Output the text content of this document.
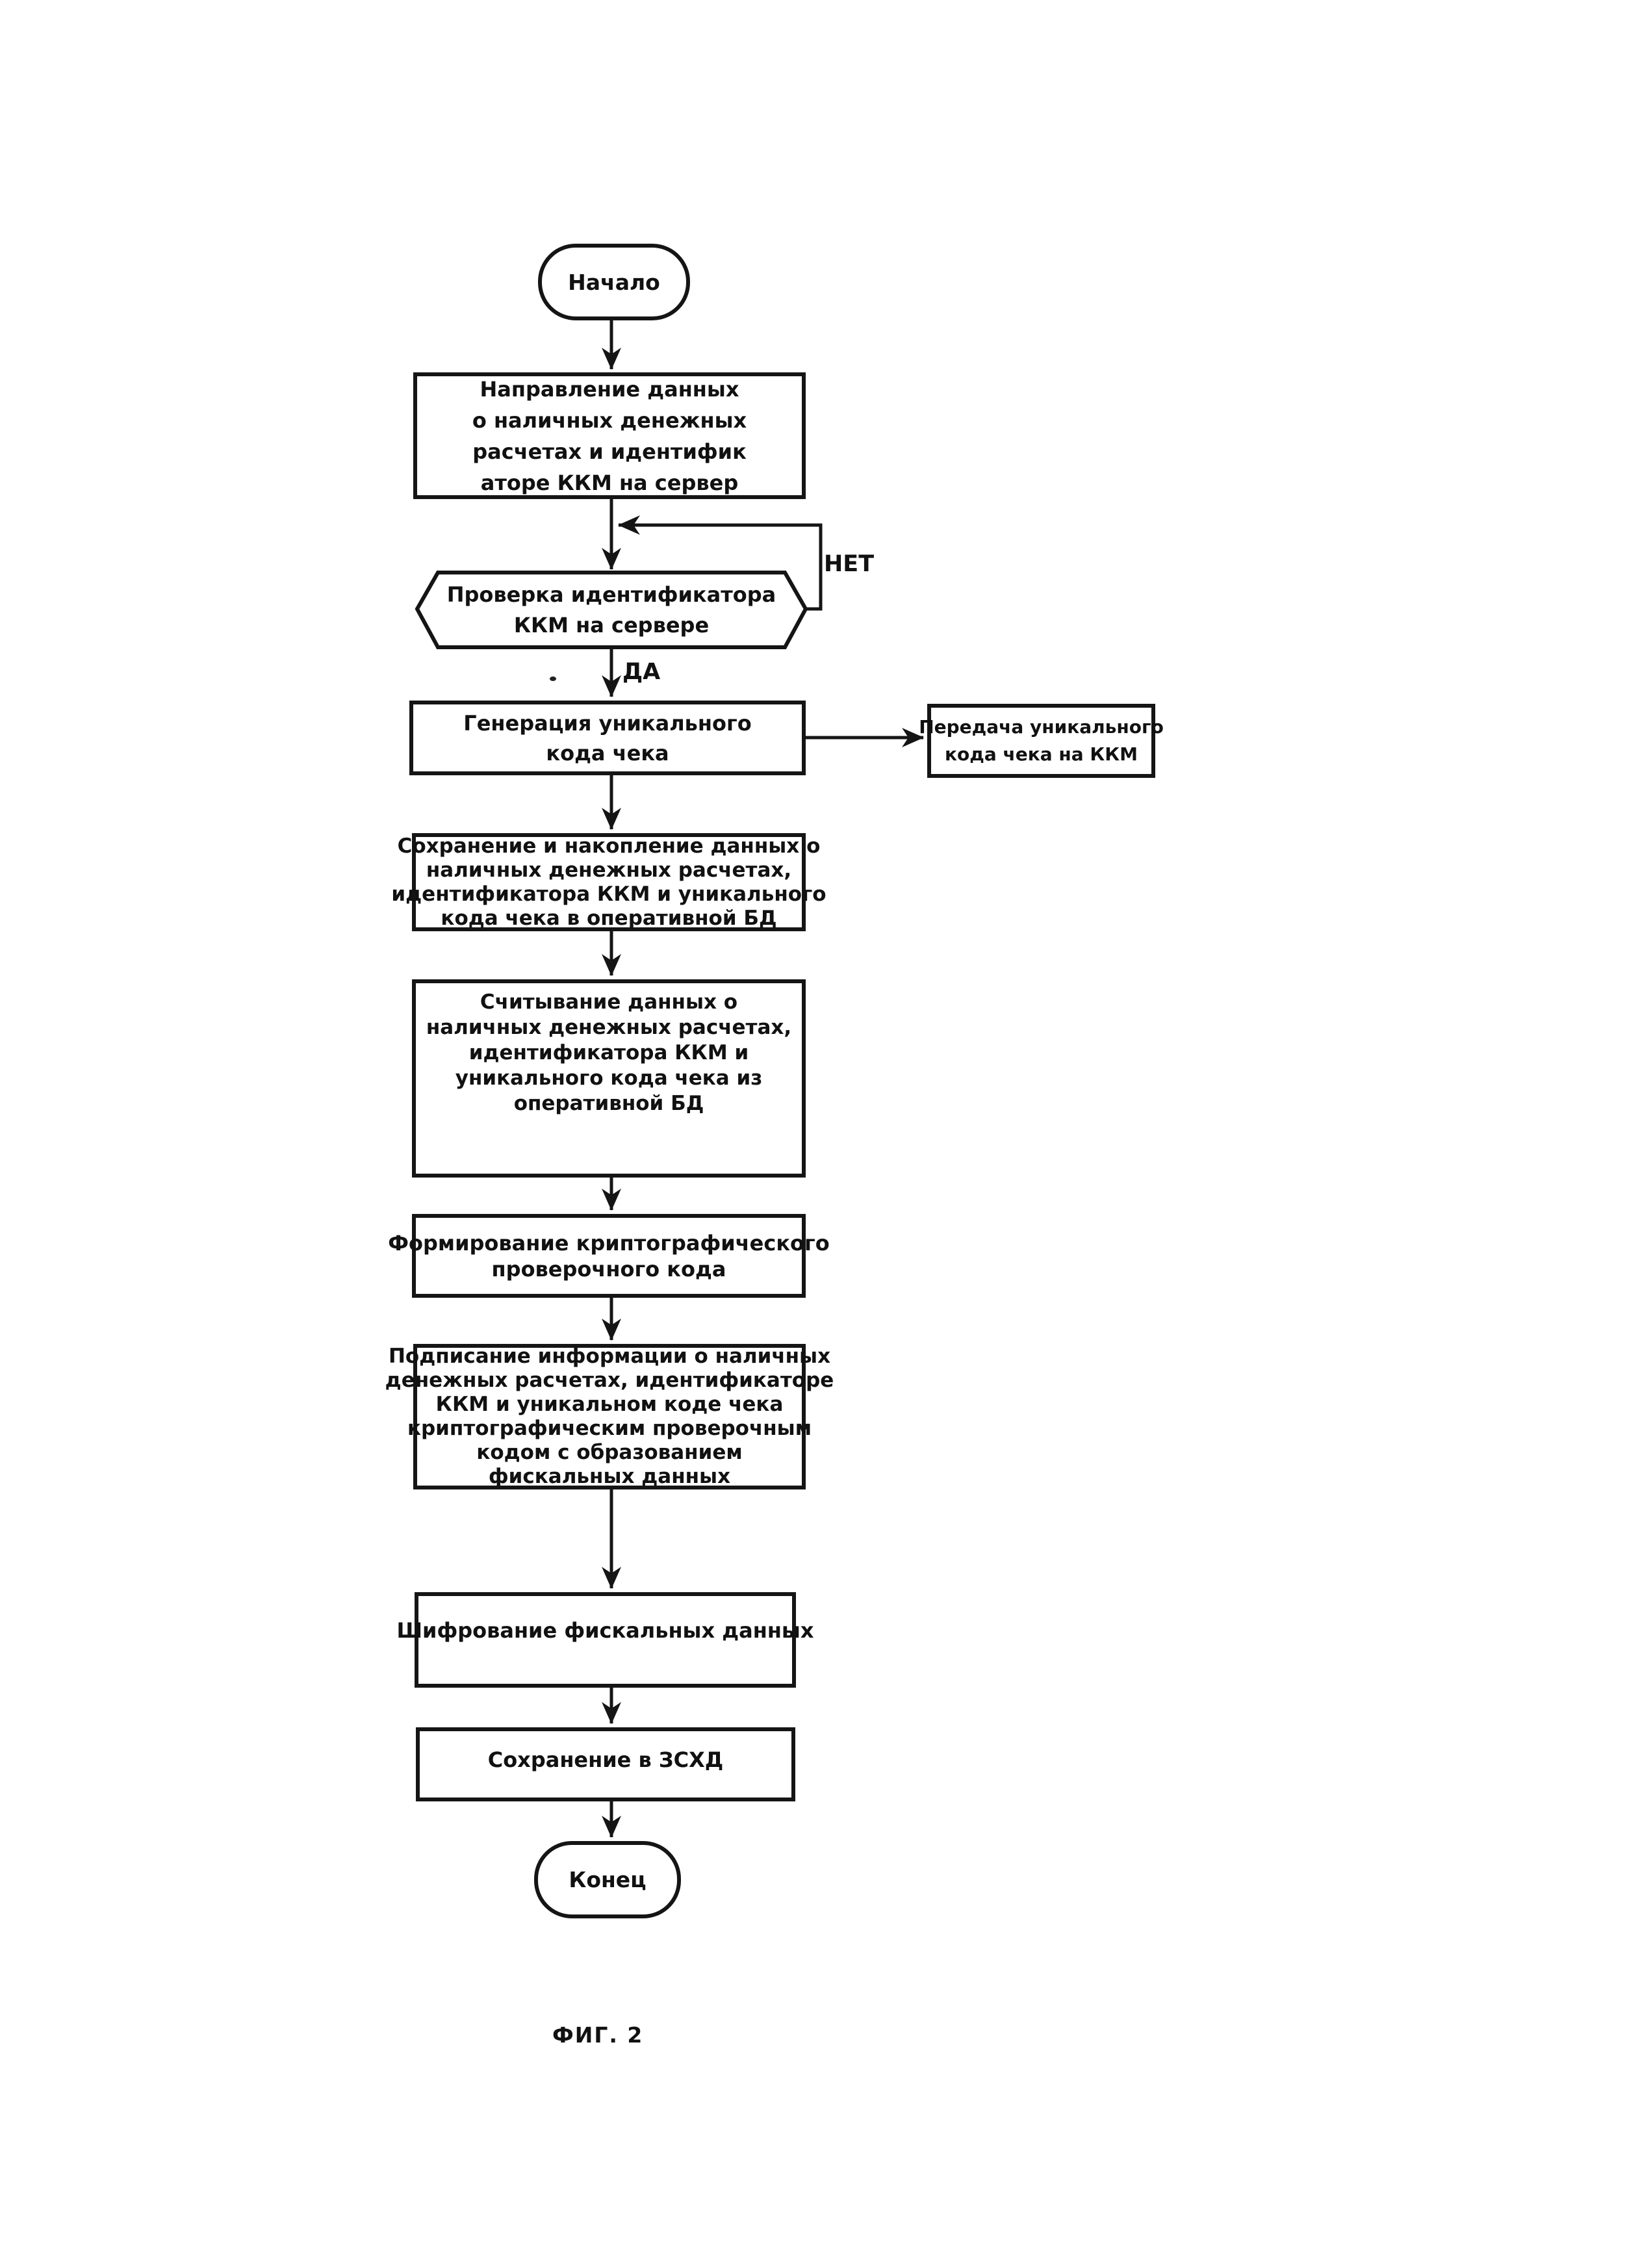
Начало
Направление данных
о наличных денежных
расчетах и идентифик
аторе ККМ на сервер
Проверка идентификатора
ККМ на сервере
НЕТ
ДА
Генерация уникального
кода чека
Передача уникального
кода чека на ККМ
Сохранение и накопление данных о
наличных денежных расчетах,
идентификатора ККМ и уникального
кода чека в оперативной БД
Считывание данных о
наличных денежных расчетах,
идентификатора ККМ и
уникального кода чека из
оперативной БД
Формирование криптографического
проверочного кода
Подписание информации о наличных
денежных расчетах, идентификаторе
ККМ и уникальном коде чека
криптографическим проверочным
кодом с образованием
фискальных данных
Шифрование фискальных данных
Сохранение в ЗСХД
Конец
ФИГ. 2
